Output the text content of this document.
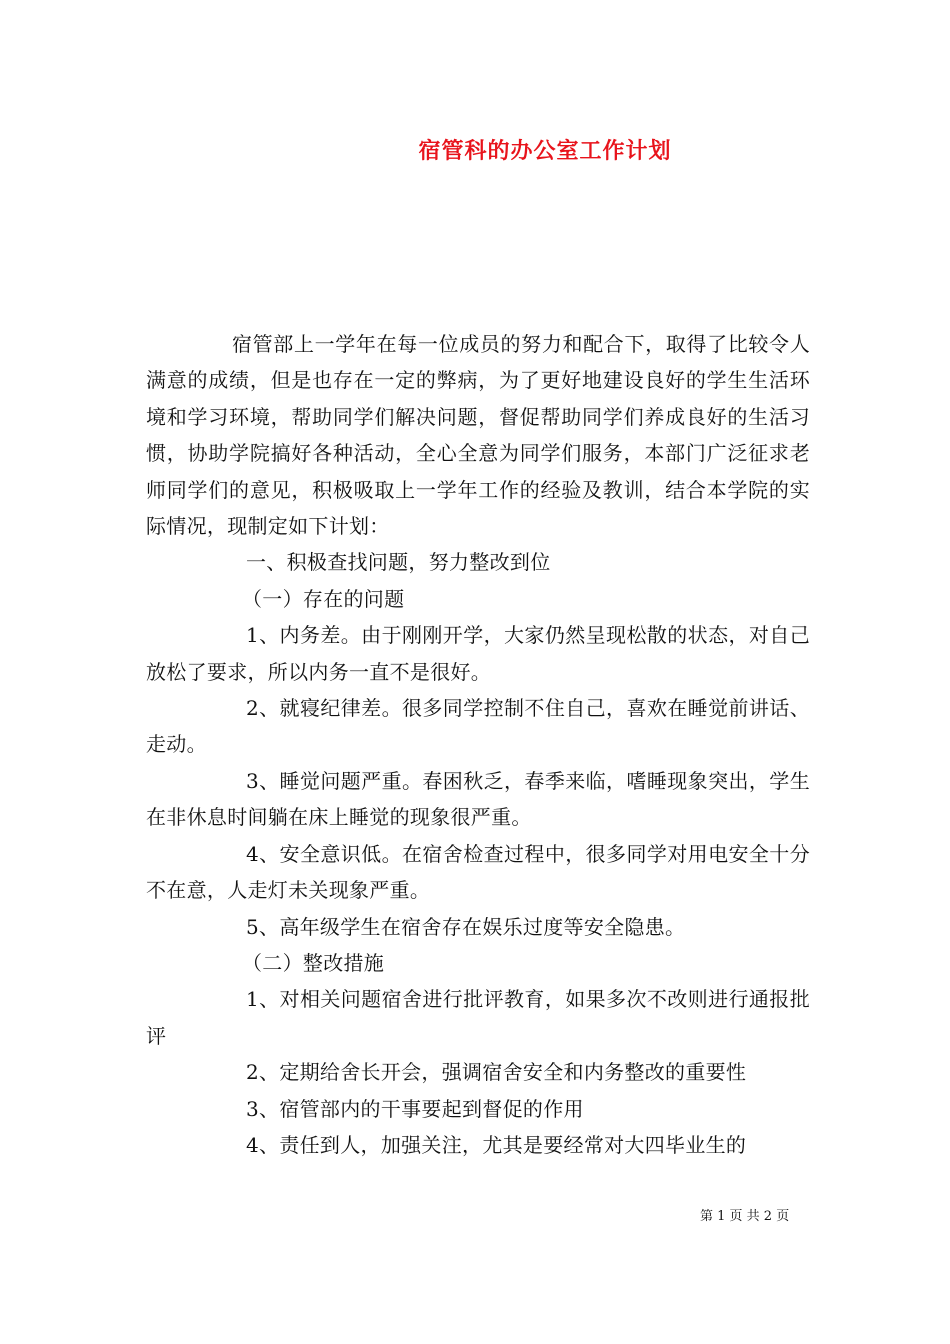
宿管科的办公室工作计划

宿管部上一学年在每一位成员的努力和配合下，取得了比较令人满意的成绩，但是也存在一定的弊病，为了更好地建设良好的学生生活环境和学习环境，帮助同学们解决问题，督促帮助同学们养成良好的生活习惯，协助学院搞好各种活动，全心全意为同学们服务，本部门广泛征求老师同学们的意见，积极吸取上一学年工作的经验及教训，结合本学院的实际情况，现制定如下计划：

一、积极查找问题，努力整改到位

（一）存在的问题

1、内务差。由于刚刚开学，大家仍然呈现松散的状态，对自己放松了要求，所以内务一直不是很好。

2、就寝纪律差。很多同学控制不住自己，喜欢在睡觉前讲话、走动。

3、睡觉问题严重。春困秋乏，春季来临，嗜睡现象突出，学生在非休息时间躺在床上睡觉的现象很严重。

4、安全意识低。在宿舍检查过程中，很多同学对用电安全十分不在意，人走灯未关现象严重。

5、高年级学生在宿舍存在娱乐过度等安全隐患。

（二）整改措施

1、对相关问题宿舍进行批评教育，如果多次不改则进行通报批评

2、定期给舍长开会，强调宿舍安全和内务整改的重要性

3、宿管部内的干事要起到督促的作用

4、责任到人，加强关注，尤其是要经常对大四毕业生的

第 1 页 共 2 页
